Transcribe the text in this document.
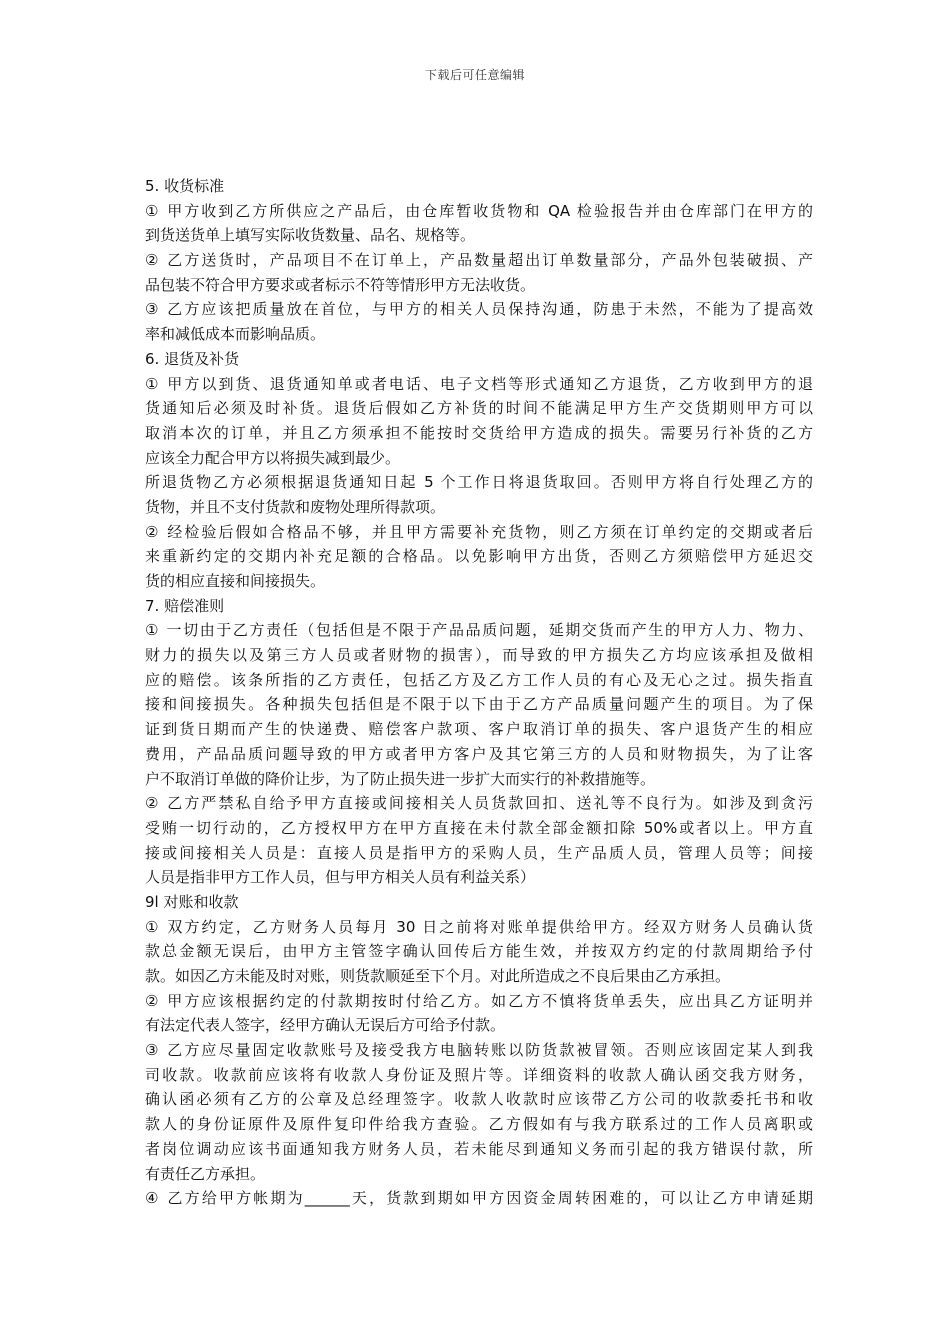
下载后可任意编辑
5. 收货标准
① 甲方收到乙方所供应之产品后，由仓库暂收货物和 QA 检验报告并由仓库部门在甲方的
到货送货单上填写实际收货数量、品名、规格等。
② 乙方送货时，产品项目不在订单上，产品数量超出订单数量部分，产品外包装破损、产
品包装不符合甲方要求或者标示不符等情形甲方无法收货。
③ 乙方应该把质量放在首位，与甲方的相关人员保持沟通，防患于未然，不能为了提高效
率和减低成本而影响品质。
6. 退货及补货
① 甲方以到货、退货通知单或者电话、电子文档等形式通知乙方退货，乙方收到甲方的退
货通知后必须及时补货。退货后假如乙方补货的时间不能满足甲方生产交货期则甲方可以
取消本次的订单，并且乙方须承担不能按时交货给甲方造成的损失。需要另行补货的乙方
应该全力配合甲方以将损失减到最少。
所退货物乙方必须根据退货通知日起 5 个工作日将退货取回。否则甲方将自行处理乙方的
货物，并且不支付货款和废物处理所得款项。
② 经检验后假如合格品不够，并且甲方需要补充货物，则乙方须在订单约定的交期或者后
来重新约定的交期内补充足额的合格品。以免影响甲方出货，否则乙方须赔偿甲方延迟交
货的相应直接和间接损失。
7. 赔偿准则
① 一切由于乙方责任（包括但是不限于产品品质问题，延期交货而产生的甲方人力、物力、
财力的损失以及第三方人员或者财物的损害），而导致的甲方损失乙方均应该承担及做相
应的赔偿。该条所指的乙方责任，包括乙方及乙方工作人员的有心及无心之过。损失指直
接和间接损失。各种损失包括但是不限于以下由于乙方产品质量问题产生的项目。为了保
证到货日期而产生的快递费、赔偿客户款项、客户取消订单的损失、客户退货产生的相应
费用，产品品质问题导致的甲方或者甲方客户及其它第三方的人员和财物损失，为了让客
户不取消订单做的降价让步，为了防止损失进一步扩大而实行的补救措施等。
② 乙方严禁私自给予甲方直接或间接相关人员货款回扣、送礼等不良行为。如涉及到贪污
受贿一切行动的，乙方授权甲方在甲方直接在未付款全部金额扣除 50%或者以上。甲方直
接或间接相关人员是：直接人员是指甲方的采购人员，生产品质人员，管理人员等；间接
人员是指非甲方工作人员，但与甲方相关人员有利益关系）
9l 对账和收款
① 双方约定，乙方财务人员每月 30 日之前将对账单提供给甲方。经双方财务人员确认货
款总金额无误后，由甲方主管签字确认回传后方能生效，并按双方约定的付款周期给予付
款。如因乙方未能及时对账，则货款顺延至下个月。对此所造成之不良后果由乙方承担。
② 甲方应该根据约定的付款期按时付给乙方。如乙方不慎将货单丢失，应出具乙方证明并
有法定代表人签字，经甲方确认无误后方可给予付款。
③ 乙方应尽量固定收款账号及接受我方电脑转账以防货款被冒领。否则应该固定某人到我
司收款。收款前应该将有收款人身份证及照片等。详细资料的收款人确认函交我方财务，
确认函必须有乙方的公章及总经理签字。收款人收款时应该带乙方公司的收款委托书和收
款人的身份证原件及原件复印件给我方查验。乙方假如有与我方联系过的工作人员离职或
者岗位调动应该书面通知我方财务人员，若未能尽到通知义务而引起的我方错误付款，所
有责任乙方承担。
④ 乙方给甲方帐期为______天，货款到期如甲方因资金周转困难的，可以让乙方申请延期
